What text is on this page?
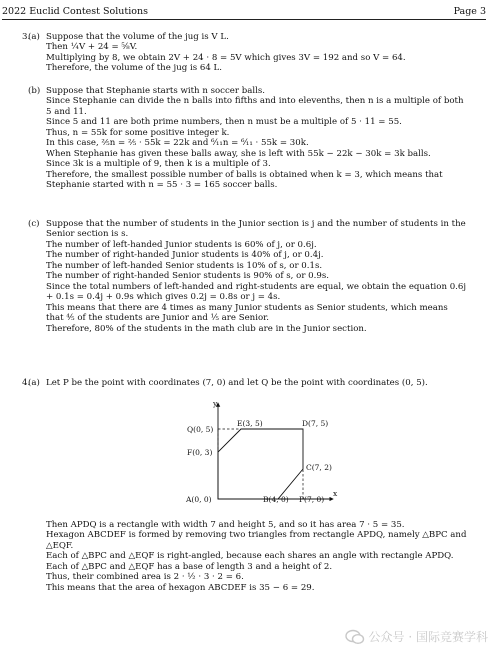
2022 Euclid Contest Solutions	Page 3
3.
(a) Suppose that the volume of the jug is V L.
Then ¼V + 24 = ⅝V.
Multiplying by 8, we obtain 2V + 24 · 8 = 5V which gives 3V = 192 and so V = 64.
Therefore, the volume of the jug is 64 L.
(b) Suppose that Stephanie starts with n soccer balls.
Since Stephanie can divide the n balls into fifths and into elevenths, then n is a multiple of both 5 and 11.
Since 5 and 11 are both prime numbers, then n must be a multiple of 5 · 11 = 55.
Thus, n = 55k for some positive integer k.
In this case, ⅖n = ⅖ · 55k = 22k and ⁶⁄₁₁n = ⁶⁄₁₁ · 55k = 30k.
When Stephanie has given these balls away, she is left with 55k − 22k − 30k = 3k balls.
Since 3k is a multiple of 9, then k is a multiple of 3.
Therefore, the smallest possible number of balls is obtained when k = 3, which means that Stephanie started with n = 55 · 3 = 165 soccer balls.
(c) Suppose that the number of students in the Junior section is j and the number of students in the Senior section is s.
The number of left-handed Junior students is 60% of j, or 0.6j.
The number of right-handed Junior students is 40% of j, or 0.4j.
The number of left-handed Senior students is 10% of s, or 0.1s.
The number of right-handed Senior students is 90% of s, or 0.9s.
Since the total numbers of left-handed and right-students are equal, we obtain the equation 0.6j + 0.1s = 0.4j + 0.9s which gives 0.2j = 0.8s or j = 4s.
This means that there are 4 times as many Junior students as Senior students, which means that ⅘ of the students are Junior and ⅕ are Senior.
Therefore, 80% of the students in the math club are in the Junior section.
4.
(a) Let P be the point with coordinates (7, 0) and let Q be the point with coordinates (0, 5).
x
y
Q(0, 5)
E(3, 5)	D(7, 5)
F(0, 3)
C(7, 2)
A(0, 0)	B(4, 0) P(7, 0)
Then APDQ is a rectangle with width 7 and height 5, and so it has area 7 · 5 = 35.
Hexagon ABCDEF is formed by removing two triangles from rectangle APDQ, namely △BPC and △EQF.
Each of △BPC and △EQF is right-angled, because each shares an angle with rectangle APDQ.
Each of △BPC and △EQF has a base of length 3 and a height of 2.
Thus, their combined area is 2 · ½ · 3 · 2 = 6.
This means that the area of hexagon ABCDEF is 35 − 6 = 29.
公众号 · 国际竞赛学科
